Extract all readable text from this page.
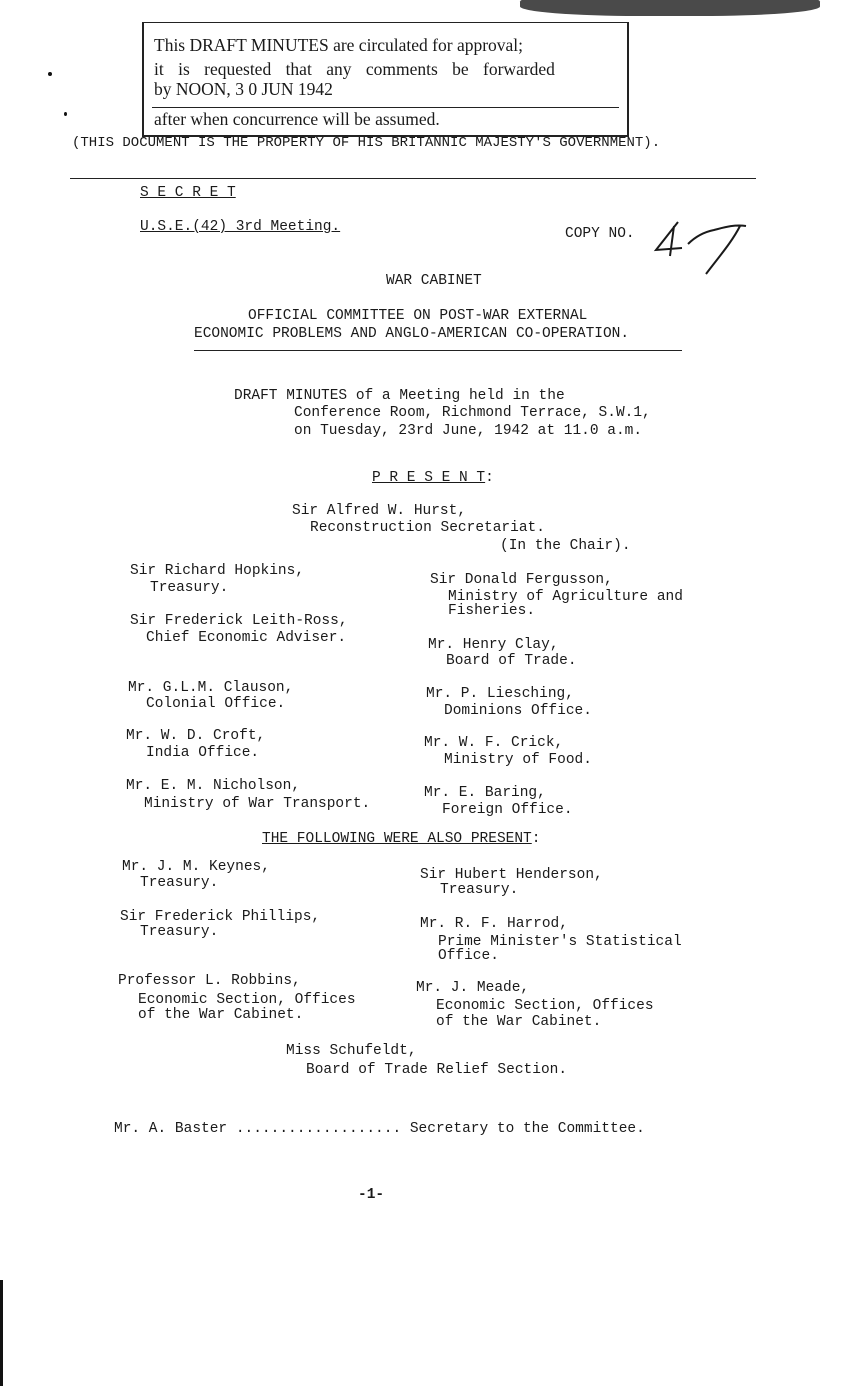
This DRAFT MINUTES are circulated for approval;
it is requested that any comments be forwarded
by NOON, 3 0 JUN 1942
after when concurrence will be assumed.
(THIS DOCUMENT IS THE PROPERTY OF HIS BRITANNIC MAJESTY'S GOVERNMENT).
S E C R E T
U.S.E.(42) 3rd Meeting.	COPY NO.
WAR CABINET
OFFICIAL COMMITTEE ON POST-WAR EXTERNAL
ECONOMIC PROBLEMS AND ANGLO-AMERICAN CO-OPERATION.
DRAFT MINUTES of a Meeting held in the
Conference Room, Richmond Terrace, S.W.1,
on Tuesday, 23rd June, 1942 at 11.0 a.m.
P R E S E N T:
Sir Alfred W. Hurst,
Reconstruction Secretariat.
(In the Chair).
Sir Richard Hopkins,
Treasury.
Sir Frederick Leith-Ross,
Chief Economic Adviser.
Mr. G.L.M. Clauson,
Colonial Office.
Mr. W. D. Croft,
India Office.
Mr. E. M. Nicholson,
Ministry of War Transport.
Sir Donald Fergusson,
Ministry of Agriculture and
Fisheries.
Mr. Henry Clay,
Board of Trade.
Mr. P. Liesching,
Dominions Office.
Mr. W. F. Crick,
Ministry of Food.
Mr. E. Baring,
Foreign Office.
THE FOLLOWING WERE ALSO PRESENT:
Mr. J. M. Keynes,
Treasury.
Sir Frederick Phillips,
Treasury.
Professor L. Robbins,
Economic Section, Offices
of the War Cabinet.
Sir Hubert Henderson,
Treasury.
Mr. R. F. Harrod,
Prime Minister's Statistical
Office.
Mr. J. Meade,
Economic Section, Offices
of the War Cabinet.
Miss Schufeldt,
Board of Trade Relief Section.
Mr. A. Baster ................... Secretary to the Committee.
-1-
